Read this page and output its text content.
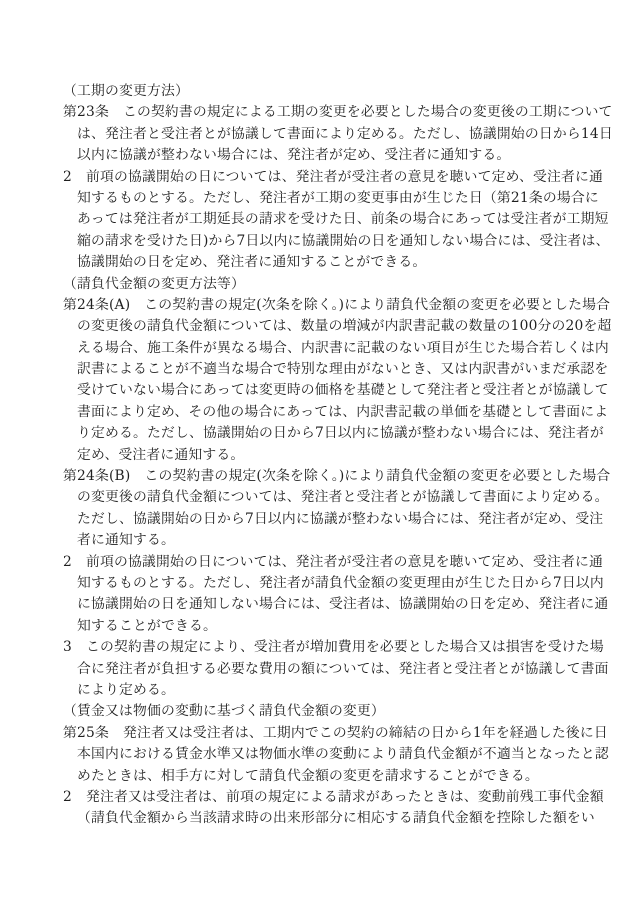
（工期の変更方法）
第23条　この契約書の規定による工期の変更を必要とした場合の変更後の工期について
は、発注者と受注者とが協議して書面により定める。ただし、協議開始の日から14日
以内に協議が整わない場合には、発注者が定め、受注者に通知する。
2　前項の協議開始の日については、発注者が受注者の意見を聴いて定め、受注者に通
知するものとする。ただし、発注者が工期の変更事由が生じた日（第21条の場合に
あっては発注者が工期延長の請求を受けた日、前条の場合にあっては受注者が工期短
縮の請求を受けた日)から7日以内に協議開始の日を通知しない場合には、受注者は、
協議開始の日を定め、発注者に通知することができる。
（請負代金額の変更方法等）
第24条(A)　この契約書の規定(次条を除く。)により請負代金額の変更を必要とした場合
の変更後の請負代金額については、数量の増減が内訳書記載の数量の100分の20を超
える場合、施工条件が異なる場合、内訳書に記載のない項目が生じた場合若しくは内
訳書によることが不適当な場合で特別な理由がないとき、又は内訳書がいまだ承認を
受けていない場合にあっては変更時の価格を基礎として発注者と受注者とが協議して
書面により定め、その他の場合にあっては、内訳書記載の単価を基礎として書面によ
り定める。ただし、協議開始の日から7日以内に協議が整わない場合には、発注者が
定め、受注者に通知する。
第24条(B)　この契約書の規定(次条を除く。)により請負代金額の変更を必要とした場合
の変更後の請負代金額については、発注者と受注者とが協議して書面により定める。
ただし、協議開始の日から7日以内に協議が整わない場合には、発注者が定め、受注
者に通知する。
2　前項の協議開始の日については、発注者が受注者の意見を聴いて定め、受注者に通
知するものとする。ただし、発注者が請負代金額の変更理由が生じた日から7日以内
に協議開始の日を通知しない場合には、受注者は、協議開始の日を定め、発注者に通
知することができる。
3　この契約書の規定により、受注者が増加費用を必要とした場合又は損害を受けた場
合に発注者が負担する必要な費用の額については、発注者と受注者とが協議して書面
により定める。
（賃金又は物価の変動に基づく請負代金額の変更）
第25条　発注者又は受注者は、工期内でこの契約の締結の日から1年を経過した後に日
本国内における賃金水準又は物価水準の変動により請負代金額が不適当となったと認
めたときは、相手方に対して請負代金額の変更を請求することができる。
2　発注者又は受注者は、前項の規定による請求があったときは、変動前残工事代金額
（請負代金額から当該請求時の出来形部分に相応する請負代金額を控除した額をい
